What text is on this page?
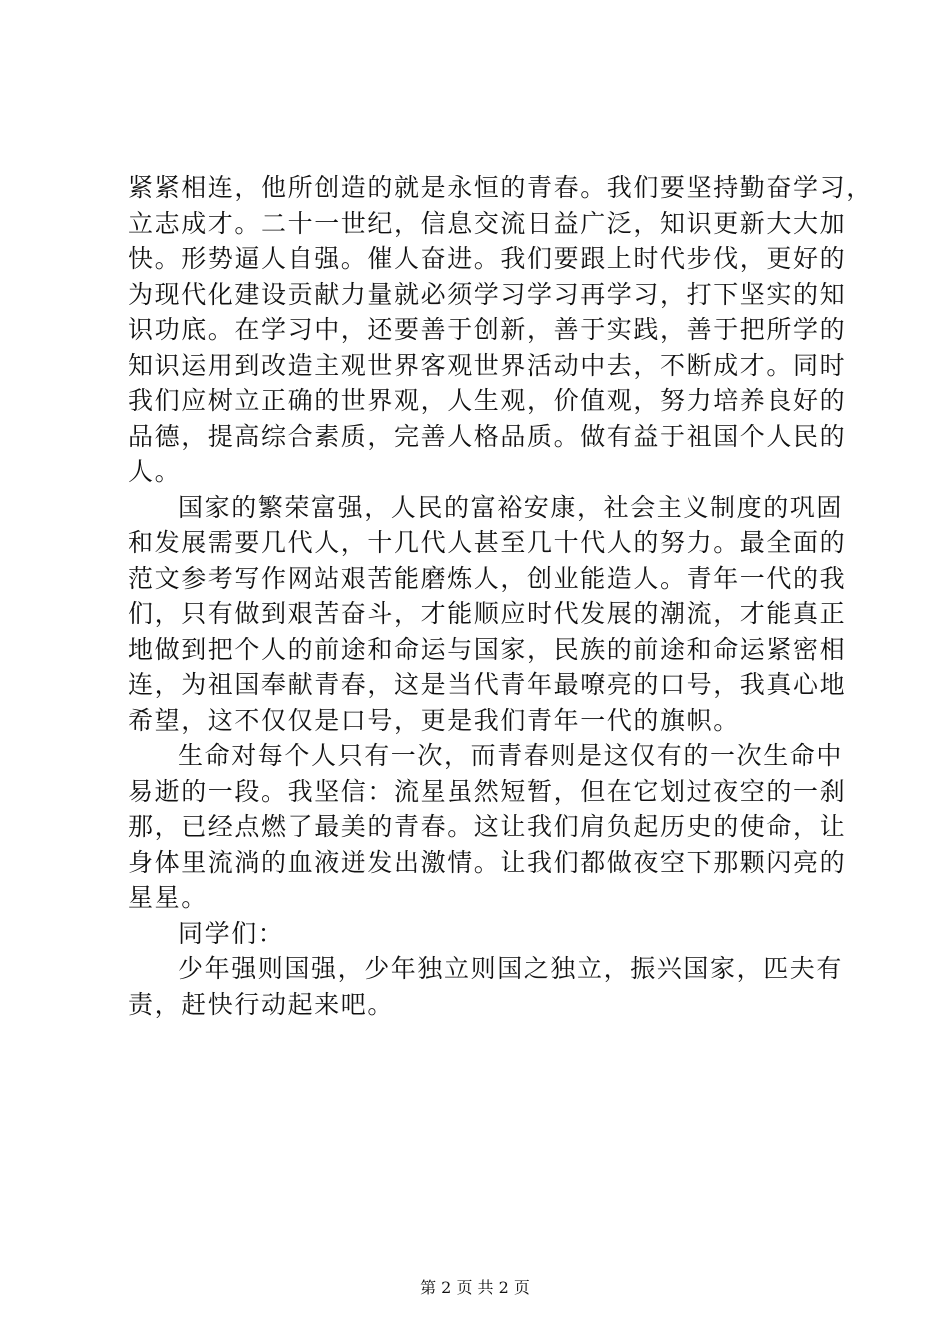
紧紧相连，他所创造的就是永恒的青春。我们要坚持勤奋学习，
立志成才。二十一世纪，信息交流日益广泛，知识更新大大加
快。形势逼人自强。催人奋进。我们要跟上时代步伐，更好的
为现代化建设贡献力量就必须学习学习再学习，打下坚实的知
识功底。在学习中，还要善于创新，善于实践，善于把所学的
知识运用到改造主观世界客观世界活动中去，不断成才。同时
我们应树立正确的世界观，人生观，价值观，努力培养良好的
品德，提高综合素质，完善人格品质。做有益于祖国个人民的
人。
国家的繁荣富强，人民的富裕安康，社会主义制度的巩固
和发展需要几代人，十几代人甚至几十代人的努力。最全面的
范文参考写作网站艰苦能磨炼人，创业能造人。青年一代的我
们，只有做到艰苦奋斗，才能顺应时代发展的潮流，才能真正
地做到把个人的前途和命运与国家，民族的前途和命运紧密相
连，为祖国奉献青春，这是当代青年最嘹亮的口号，我真心地
希望，这不仅仅是口号，更是我们青年一代的旗帜。
生命对每个人只有一次，而青春则是这仅有的一次生命中
易逝的一段。我坚信：流星虽然短暂，但在它划过夜空的一刹
那，已经点燃了最美的青春。这让我们肩负起历史的使命，让
身体里流淌的血液迸发出激情。让我们都做夜空下那颗闪亮的
星星。
同学们：
少年强则国强，少年独立则国之独立，振兴国家，匹夫有
责，赶快行动起来吧。
第 2 页 共 2 页
